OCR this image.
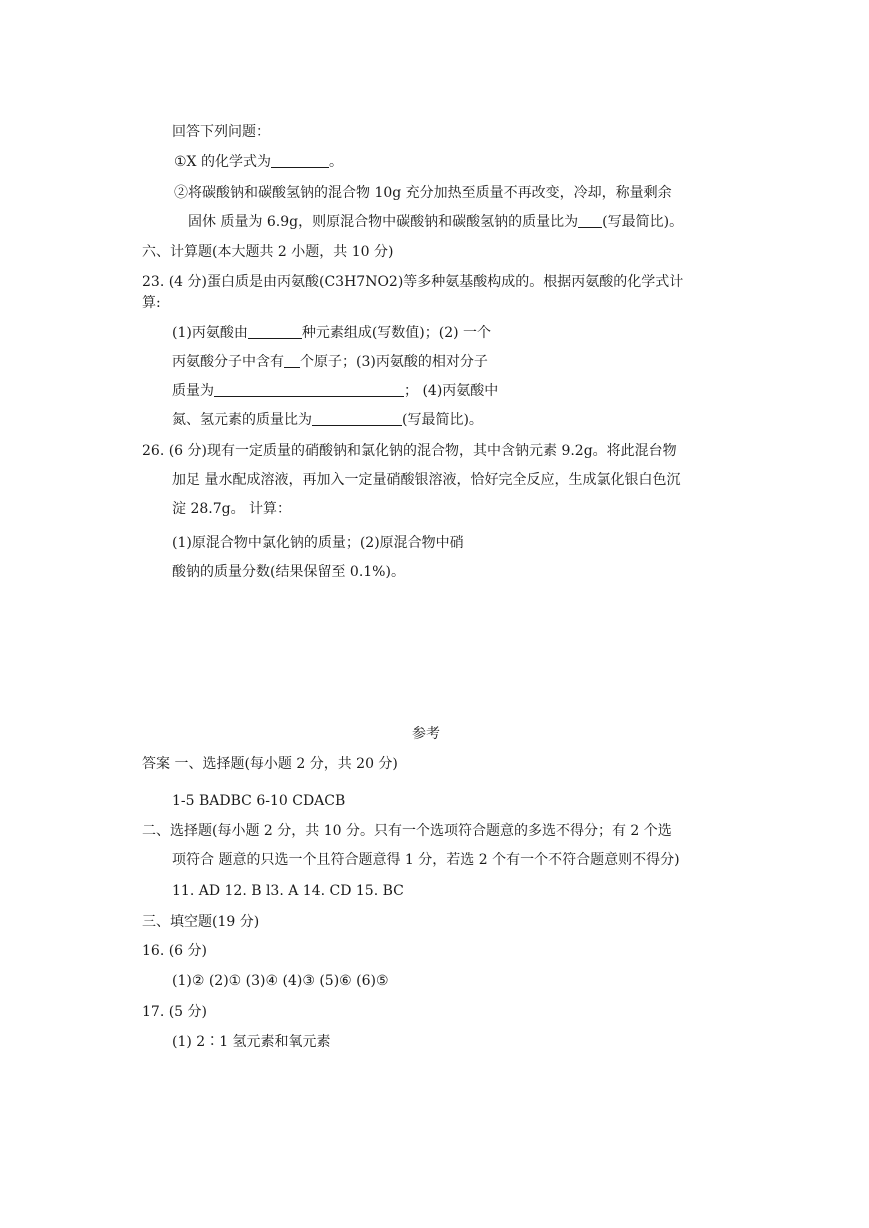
回答下列问题：
①X 的化学式为	。
②将碳酸钠和碳酸氢钠的混合物 10g 充分加热至质量不再改变，冷却，称量剩余
固休 质量为 6.9g，则原混合物中碳酸钠和碳酸氢钠的质量比为 (写最简比)。
六、计算题(本大题共 2 小题，共 10 分)
23. (4 分)蛋白质是由丙氨酸(C3H7NO2)等多种氨基酸构成的。根据丙氨酸的化学式计
算:
(1)丙氨酸由	种元素组成(写数值)；(2) 一个
丙氨酸分子中含有 个原子；(3)丙氨酸的相对分子
质量为	； (4)丙氨酸中
氮、氢元素的质量比为	(写最简比)。
26. (6 分)现有一定质量的硝酸钠和氯化钠的混合物，其中含钠元素 9.2g。将此混台物
加足 量水配成溶液，再加入一定量硝酸银溶液，恰好完全反应，生成氯化银白色沉
淀 28.7g。 计算：
(1)原混合物中氯化钠的质量；(2)原混合物中硝
酸钠的质量分数(结果保留至 0.1%)。
参考
答案 一、选择题(每小题 2 分，共 20 分)
1-5 BADBC 6-10 CDACB
二、选择题(每小题 2 分，共 10 分。只有一个选项符合题意的多选不得分；有 2 个选
项符合 题意的只选一个且符合题意得 1 分，若选 2 个有一个不符合题意则不得分)
11. AD 12. B l3. A 14. CD 15. BC
三、填空题(19 分)
16. (6 分)
(1)② (2)① (3)④ (4)③ (5)⑥ (6)⑤
17. (5 分)
(1) 2∶1 氢元素和氧元素
